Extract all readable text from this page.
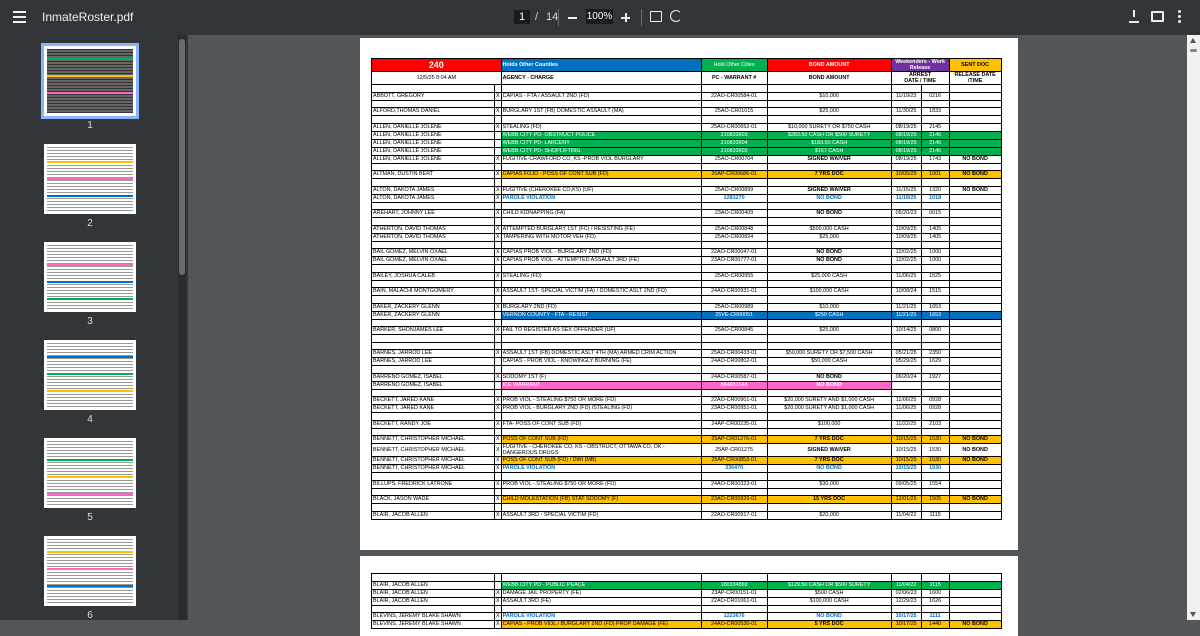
InmateRoster.pdf	1 / 14	100%
1
2
3
4
5
6
240		Holds Other Counties	Hold Other Cities	BOND AMOUNT	Weekenders - Work Release		SENT DOC
12/5/25 8:04 AM		AGENCY - CHARGE	PC - WARRANT #	BOND AMOUNT	ARREST
DATE / TIME		RELEASE DATE
/TIME

ABBOTT, GREGORY	X	CAPIAS - FTA / ASSAULT 2ND (FD)	22AO-CR00584-01	$10,000	11/19/23	0216	

ALFORD,THOMAS DANIEL	X	BURGLARY 1ST (FB) DOMESTIC ASSAULT (MA)	25AO-CR01015	$25,000	11/30/25	1833	

ALLEN, DANIELLE JOLENE	X	STEALING (FD)	25AO-CR00652-01	$10,000 SURETY OR $750 CASH	08/19/25	2145	
ALLEN, DANIELLE JOLENE		WEBB CITY PD- OBSTRUCT POLICE	210833603	$283.50 CASH OR $500 SURETY	08/19/25	2145	
ALLEN, DANIELLE JOLENE		WEBB CITY PD- LARCENY	210833604	$183.50 CASH	08/19/25	2145	
ALLEN, DANIELLE JOLENE		WEBB CITY PD- SHOPLIFTING	210833602	$167 CASH	08/19/25	2145	
ALLEN, DANIELLE JOLENE	X	FUGITIVE-CRAWFORD CO, KS -PROB VIOL BURGLARY	25AO-CR00704	SIGNED WAIVER	08/19/25	1743	NO BOND

ALTMAN, DUSTIN BERT	X	CAPIAS FOJO - POSS OF CONT SUB (FD)	20AP-CR00686-01	7 YRS DOC	10/05/25	1001	NO BOND

ALTON, DAKOTA JAMES	X	FUGITIVE (CHEROKEE CO,KS) (UF)	25AO-CR00899	SIGNED WAIVER	11/15/25	1320	NO BOND
ALTON, DAKOTA JAMES	X	PAROLE VIOLATION	1283270	NO BOND	11/18/25	1018	

AREHART, JOHNNY LEE	X	CHILD KIDNAPPING (FA)	23AO-CR00409	NO BOND	05/20/23	0015	

ATHERTON, DAVID THOMAS	X	ATTEMPTED BURGLARY 1ST (FC) / RESISTING (FE)	25AO-CR00848	$500,000 CASH	10/09/25	1405	
ATHERTON, DAVID THOMAS	X	TAMPERING WITH MOTOR VEH (FD)	25AO-CR00824	$25,000	10/09/25	1405	

BAIL GOMEZ, MELVIN OXAEL	X	CAPIAS PROB VIOL - BURGLARY 2ND (FD)	22AO-CR00047-01	NO BOND	12/02/25	1000	
BAIL GOMEZ, MELVIN OXAEL	X	CAPIAS PROB VIOL - ATTEMPTED ASSAULT 3RD (FE)	23AO-CR00777-01	NO BOND	12/02/25	1000	

BAILEY, JOSHUA CALEB	X	STEALING (FD)	25AO-CR00955	$25,000 CASH	11/06/25	1525	

BAIN, MALACHI MONTGOMERY	X	ASSAULT 1ST- SPECIAL VICTIM (FA) / DOMESTIC ASLT 2ND (FD)	24AO-CR00931-01	$100,000 CASH	10/08/24	1515	

BAKER, ZACKERY GLENN	X	BURGLARY 2ND (FD)	25AO-CR00989	$10,000	11/21/25	1653	
BAKER, ZACKERY GLENN		VERNON COUNTY - FTA - RESIST	25VE-CR00051	$250 CASH	11/21/25	1653	

BARKER, SHONJAMES LEE	X	FAIL TO REGISTER AS SEX OFFENDER (UF)	25AO-CR00845	$25,000	10/14/25	0800	

BARNES, JARROD LEE	X	ASSAULT 1ST (FB) DOMESTIC ASLT 4TH (MA) ARMED CRIM ACTION	25AO-CR00433-01	$50,000 SURETY OR $7,500 CASH	05/21/25	2350	
BARNES, JARROD LEE		CAPIAS - PROB VIOL - KNOWINGLY BURNING (FE)	24AO-CR00802-01	$50,000 CASH	05/29/25	1629	

BARRENO GOMEZ, ISABEL	X	SODOMY 1ST (F)	24AO-CR00587-01	NO BOND	06/20/24	1927	
BARRENO GOMEZ, ISABEL		ICE WARRANT	884831548	NO BOND			

BECKETT, JARED KANE	X	PROB VIOL - STEALING $750 OR MORE (FD)	22AO-CR00901-01	$20,000 SURETY AND $1,000 CASH	11/06/25	0928	
BECKETT, JARED KANE	X	PROB VIOL - BURGLARY 2ND (FD) /STEALING (FD)	23AO-CR00951-01	$20,000 SURETY AND $1,000 CASH	11/06/25	0928	

BECKETT, RANDY JOE	X	FTA- POSS OF CONT SUB (FD)	24AP-CR00235-01	$100,000	11/22/25	2103	

BENNETT, CHRISTOPHER MICHAEL	X	POSS OF CONT SUB (FD)	25AP-CR01276-01	7 YRS DOC	10/15/25	1530	NO BOND
BENNETT, CHRISTOPHER MICHAEL	X	FUGITIVE - CHEROKEE CO, KS - OBSTRUCT, OTTAWA CO, OK - DANGEROUS DRUGS	25AP-CR01275	SIGNED WAIVER	10/15/25	1530	NO BOND
BENNETT, CHRISTOPHER MICHAEL	X	POSS OF CONT SUB (FD) / DWI (MB)	25AP-CR00853-01	7 YRS DOC	10/15/25	1530	NO BOND
BENNETT, CHRISTOPHER MICHAEL	X	PAROLE VIOLATION	336470	NO BOND	10/15/25	1530	

BILLUPS, FREDRICK LATRONE	X	PROB VIOL - STEALING $750 OR MORE (FD)	24AO-CR00323-01	$30,000	09/05/25	1554	

BLACK, JASON WADE	X	CHILD MOLESTATION (FB) STAT SODOMY (F)	23AO-CR00926-01	15 YRS DOC	12/01/25	1505	NO BOND

BLAIR, JACOB ALLEN	X	ASSAULT 3RD - SPECIAL VICTIM (FD)	22AO-CR00917-01	$20,000	11/04/22	1115	

BLAIR, JACOB ALLEN		WEBB CITY PD - PUBLIC PEACE	180334869	$129.50 CASH OR $500 SURETY	11/04/22	1115	
BLAIR, JACOB ALLEN	X	DAMAGE JAIL PROPERTY (FE)	23AP-CR00151-01	$500 CASH	02/06/23	1600	
BLAIR, JACOB ALLEN	X	ASSAULT 3RD (FE)	22AO-CR01061-01	$100,000 CASH	12/29/23	1626	

BLEVINS, JEREMY BLAKE SHAWN	X	PAROLE VIOLATION	1223676	NO BOND	10/17/25	1111	
BLEVINS, JEREMY BLAKE SHAWN	X	CAPIAS - PROB VIOL / BURGLARY 2ND (FD) PROP DAMAGE (FE)	24AO-CR00530-01	5 YRS DOC	10/17/25	1440	NO BOND
